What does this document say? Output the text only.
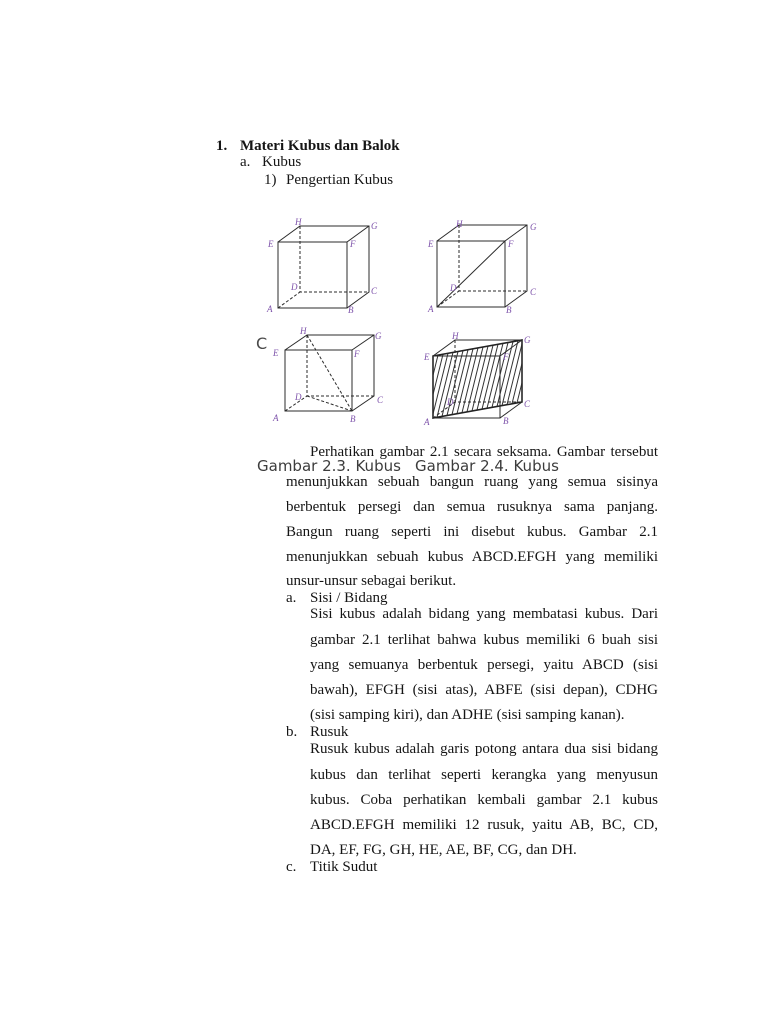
1. Materi Kubus dan Balok
a. Kubus
1) Pengertian Kubus
H	G
E	F
D	C
A	B
H	G
E	F
D	C
A	B
H	G
E	F
D	C
A	B
H	G
E	F
D	C
A	B
C
Perhatikan gambar 2.1 secara seksama. Gambar tersebut
menunjukkan sebuah bangun ruang yang semua sisinya
berbentuk persegi dan semua rusuknya sama panjang.
Bangun ruang seperti ini disebut kubus. Gambar 2.1
menunjukkan sebuah kubus ABCD.EFGH yang memiliki
unsur-unsur sebagai berikut.
Gambar 2.3. Kubus Gambar 2.4. Kubus
a. Sisi / Bidang
Sisi kubus adalah bidang yang membatasi kubus. Dari
gambar 2.1 terlihat bahwa kubus memiliki 6 buah sisi
yang semuanya berbentuk persegi, yaitu ABCD (sisi
bawah), EFGH (sisi atas), ABFE (sisi depan), CDHG
(sisi samping kiri), dan ADHE (sisi samping kanan).
b. Rusuk
Rusuk kubus adalah garis potong antara dua sisi bidang
kubus dan terlihat seperti kerangka yang menyusun
kubus. Coba perhatikan kembali gambar 2.1 kubus
ABCD.EFGH memiliki 12 rusuk, yaitu AB, BC, CD,
DA, EF, FG, GH, HE, AE, BF, CG, dan DH.
c. Titik Sudut
